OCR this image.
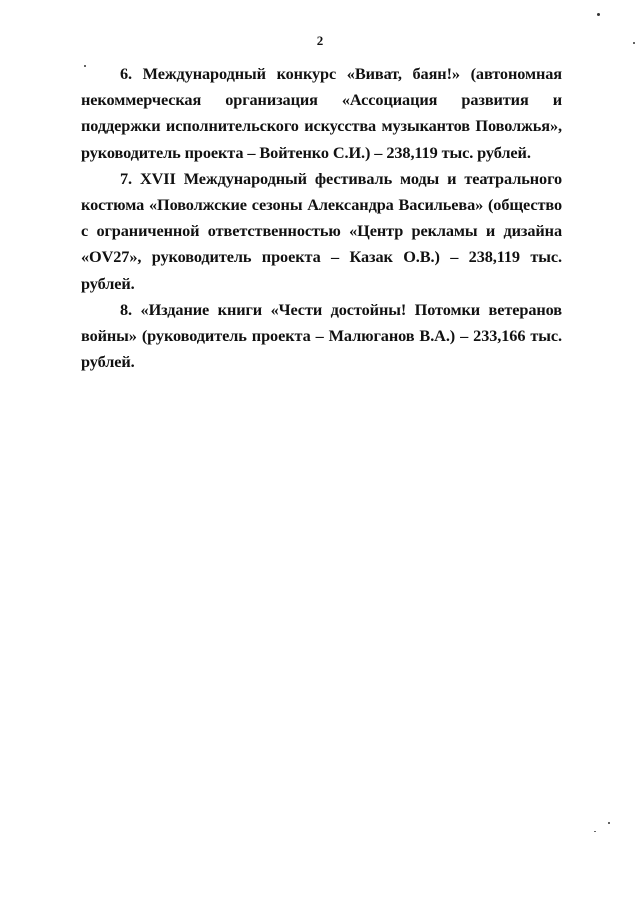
2

6. Международный конкурс «Виват, баян!» (автономная некоммерческая организация «Ассоциация развития и поддержки исполнительского искусства музыкантов Поволжья», руководитель проекта – Войтенко С.И.) – 238,119 тыс. рублей.

7. XVII Международный фестиваль моды и театрального костюма «Поволжские сезоны Александра Васильева» (общество с ограниченной ответственностью «Центр рекламы и дизайна «OV27», руководитель проекта – Казак О.В.) – 238,119 тыс. рублей.

8. «Издание книги «Чести достойны! Потомки ветеранов войны» (руководитель проекта – Малюганов В.А.) – 233,166 тыс. рублей.
